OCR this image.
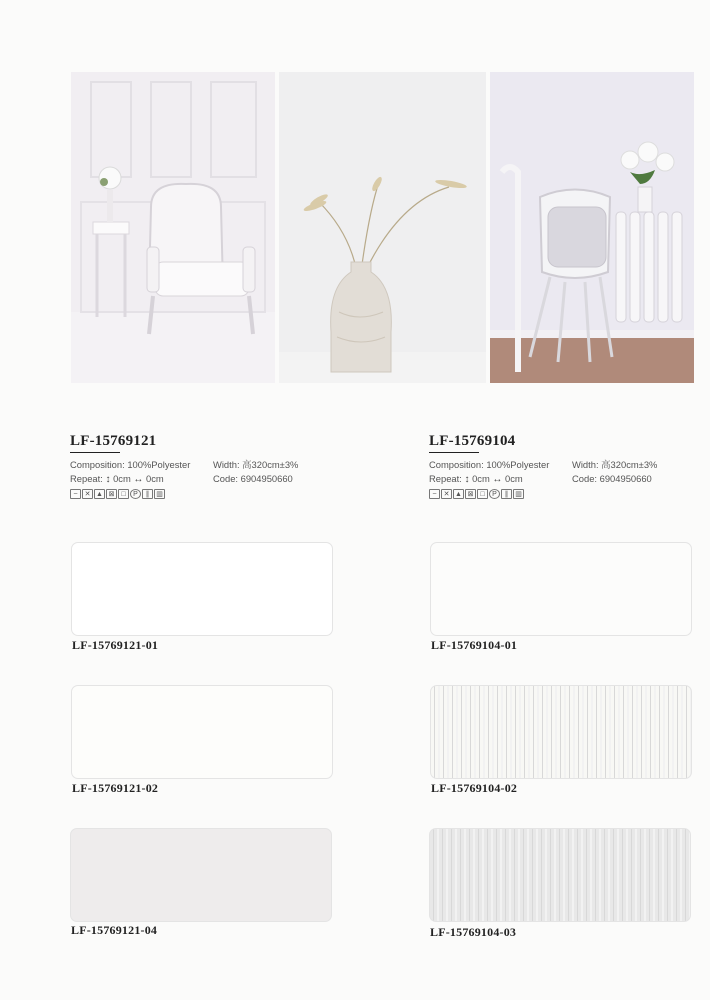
LF-15769121
Composition: 100%Polyester Width: 高320cm±3%
Repeat: ↕ 0cm ↔ 0cm	Code: 6904950660
~ ✕ ▲ ⊠ □ P ∥ ▥
LF-15769104
Composition: 100%Polyester Width: 高320cm±3%
Repeat: ↕ 0cm ↔ 0cm	Code: 6904950660
~ ✕ ▲ ⊠ □ P ∥ ▥
LF-15769121-01
LF-15769121-02
LF-15769121-04
LF-15769104-01
LF-15769104-02
LF-15769104-03
